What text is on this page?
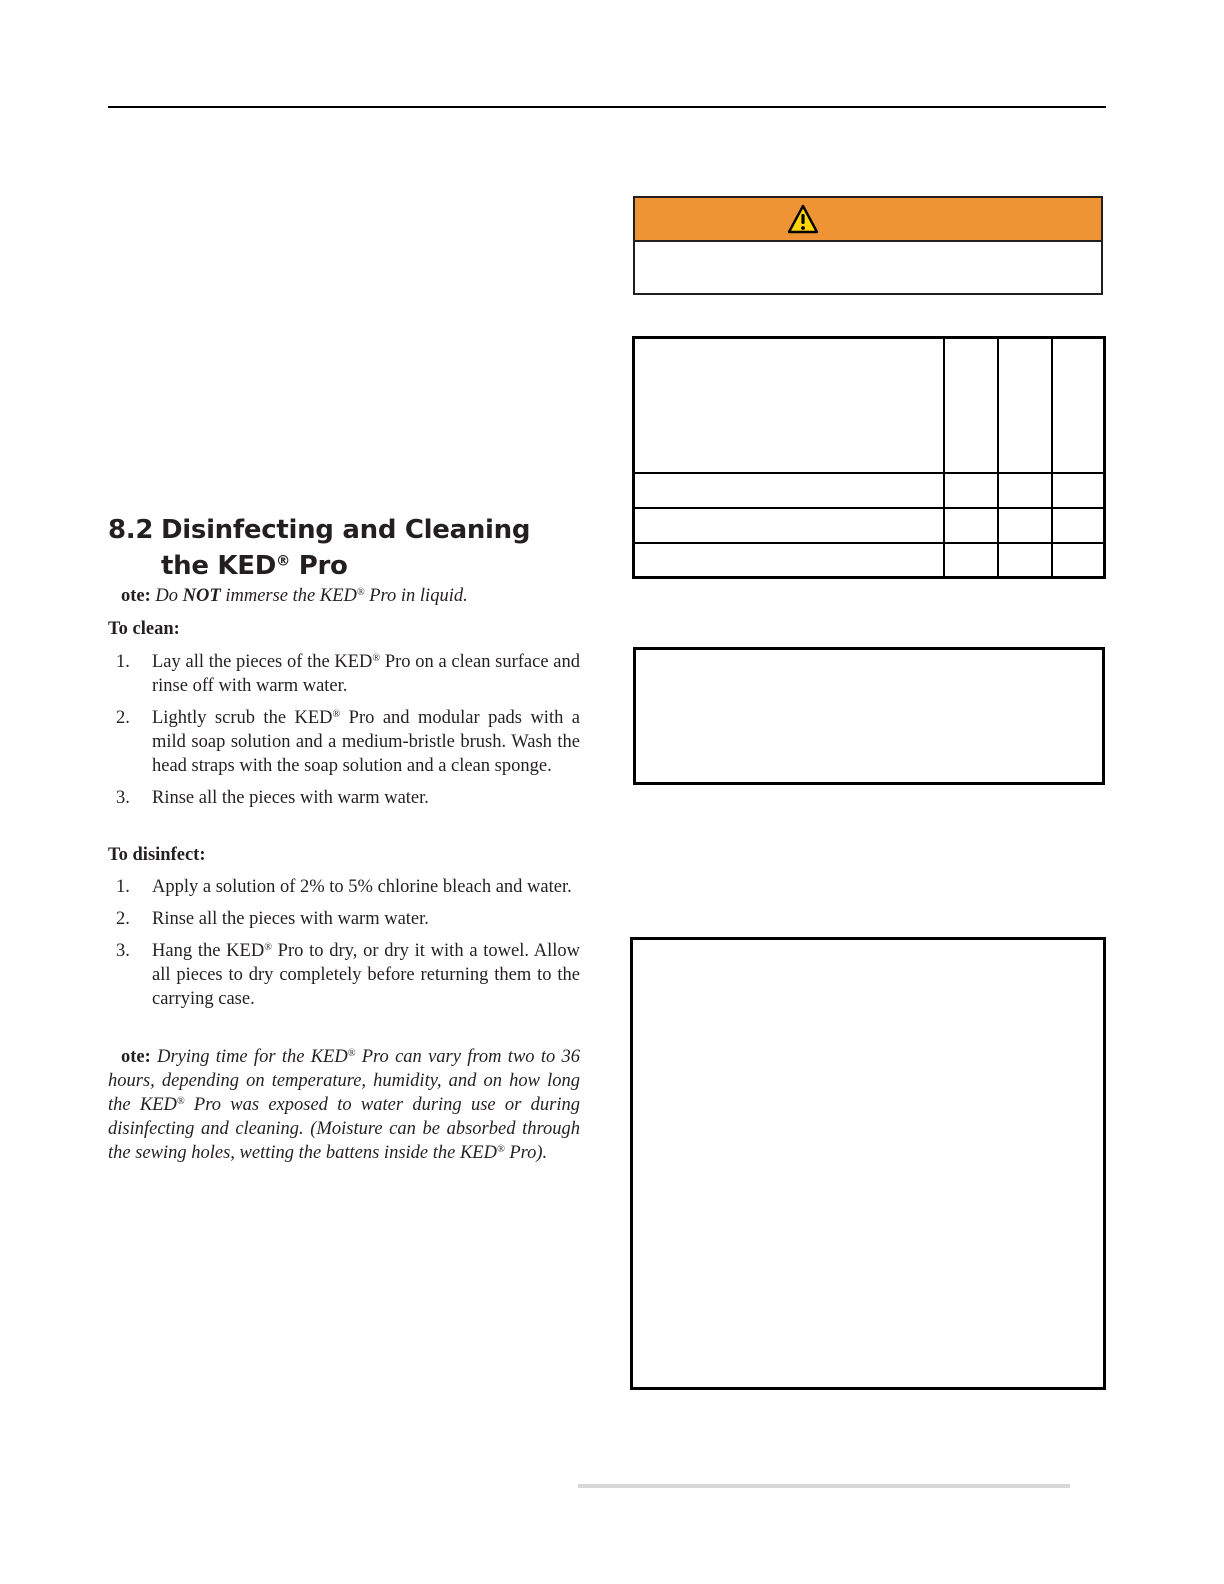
8.2 Disinfecting and Cleaning
the KED® Pro
ote: Do NOT immerse the KED® Pro in liquid.
To clean:
1. Lay all the pieces of the KED® Pro on a clean surface and rinse off with warm water.
2. Lightly scrub the KED® Pro and modular pads with a mild soap solution and a medium-bristle brush. Wash the head straps with the soap solution and a clean sponge.
3. Rinse all the pieces with warm water.
To disinfect:
1. Apply a solution of 2% to 5% chlorine bleach and water.
2. Rinse all the pieces with warm water.
3. Hang the KED® Pro to dry, or dry it with a towel. Allow all pieces to dry completely before returning them to the carrying case.
ote: Drying time for the KED® Pro can vary from two to 36 hours, depending on temperature, humidity, and on how long the KED® Pro was exposed to water during use or during disinfecting and cleaning. (Moisture can be absorbed through the sewing holes, wetting the battens inside the KED® Pro).
